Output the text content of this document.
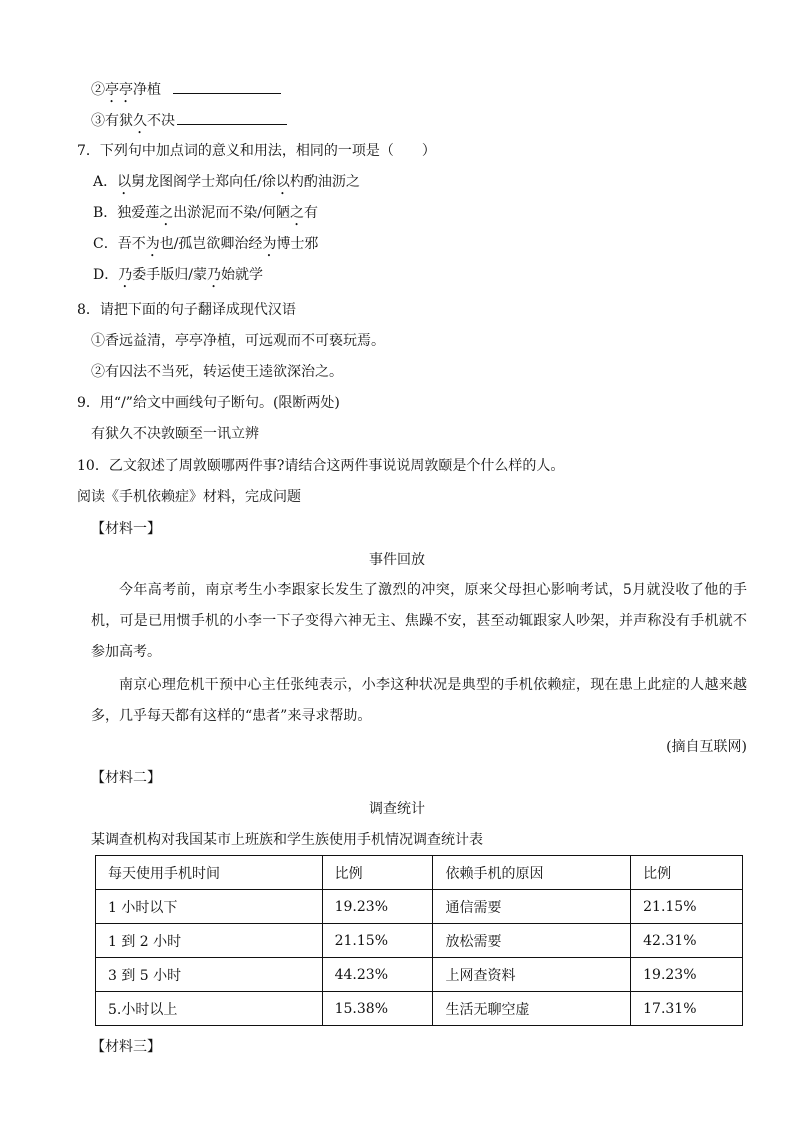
②亭亭净植
③有狱久不决
7．下列句中加点词的意义和用法，相同的一项是（　　）
A．以舅龙图阁学士郑向任/徐以杓酌油沥之
B．独爱莲之出淤泥而不染/何陋之有
C．吾不为也/孤岂欲卿治经为博士邪
D．乃委手版归/蒙乃始就学
8．请把下面的句子翻译成现代汉语
①香远益清，亭亭净植，可远观而不可亵玩焉。
②有囚法不当死，转运使王逵欲深治之。
9．用“/”给文中画线句子断句。(限断两处)
有狱久不决敦颐至一讯立辨
10．乙文叙述了周敦颐哪两件事?请结合这两件事说说周敦颐是个什么样的人。
阅读《手机依赖症》材料，完成问题
【材料一】
事件回放
今年高考前，南京考生小李跟家长发生了激烈的冲突，原来父母担心影响考试，5月就没收了他的手机，可是已用惯手机的小李一下子变得六神无主、焦躁不安，甚至动辄跟家人吵架，并声称没有手机就不参加高考。
南京心理危机干预中心主任张纯表示，小李这种状况是典型的手机依赖症，现在患上此症的人越来越多，几乎每天都有这样的“患者”来寻求帮助。
(摘自互联网)
【材料二】
调查统计
某调查机构对我国某市上班族和学生族使用手机情况调查统计表
每天使用手机时间	比例	依赖手机的原因	比例
1 小时以下	19.23%	通信需要	21.15%
1 到 2 小时	21.15%	放松需要	42.31%
3 到 5 小时	44.23%	上网查资料	19.23%
5.小时以上	15.38%	生活无聊空虚	17.31%
【材料三】
